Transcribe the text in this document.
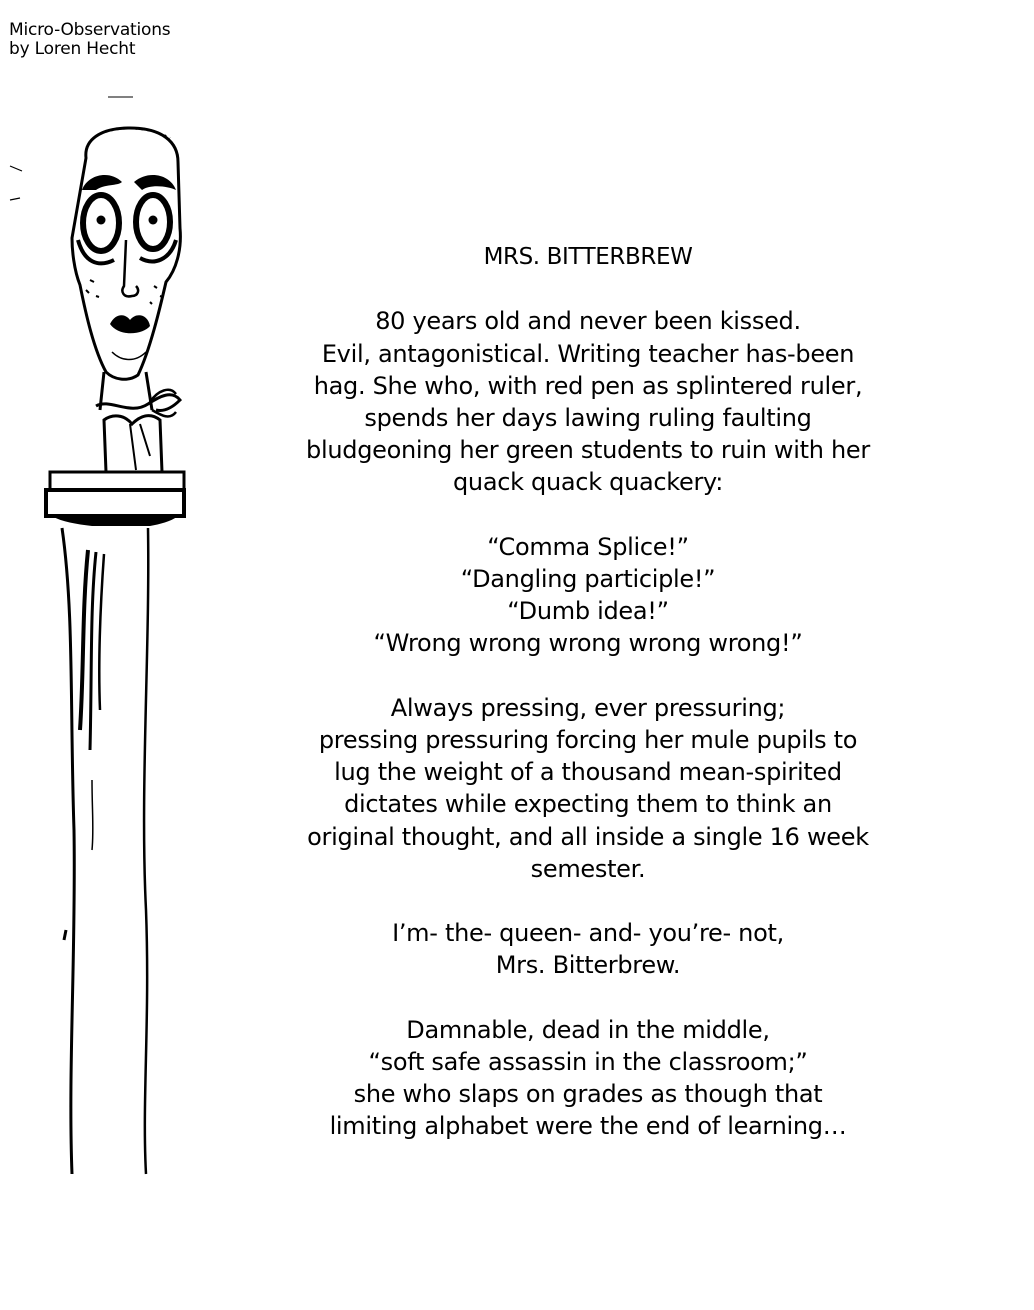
Micro-Observations
by Loren Hecht

MRS. BITTERBREW

80 years old and never been kissed.
Evil, antagonistical. Writing teacher has-been
hag. She who, with red pen as splintered ruler,
spends her days lawing ruling faulting
bludgeoning her green students to ruin with her
quack quack quackery:
“Comma Splice!”
“Dangling participle!”
“Dumb idea!”
“Wrong wrong wrong wrong wrong!”
Always pressing, ever pressuring;
pressing pressuring forcing her mule pupils to
lug the weight of a thousand mean-spirited
dictates while expecting them to think an
original thought, and all inside a single 16 week
semester.
I’m- the- queen- and- you’re- not,
Mrs. Bitterbrew.
Damnable, dead in the middle,
“soft safe assassin in the classroom;”
she who slaps on grades as though that
limiting alphabet were the end of learning…
